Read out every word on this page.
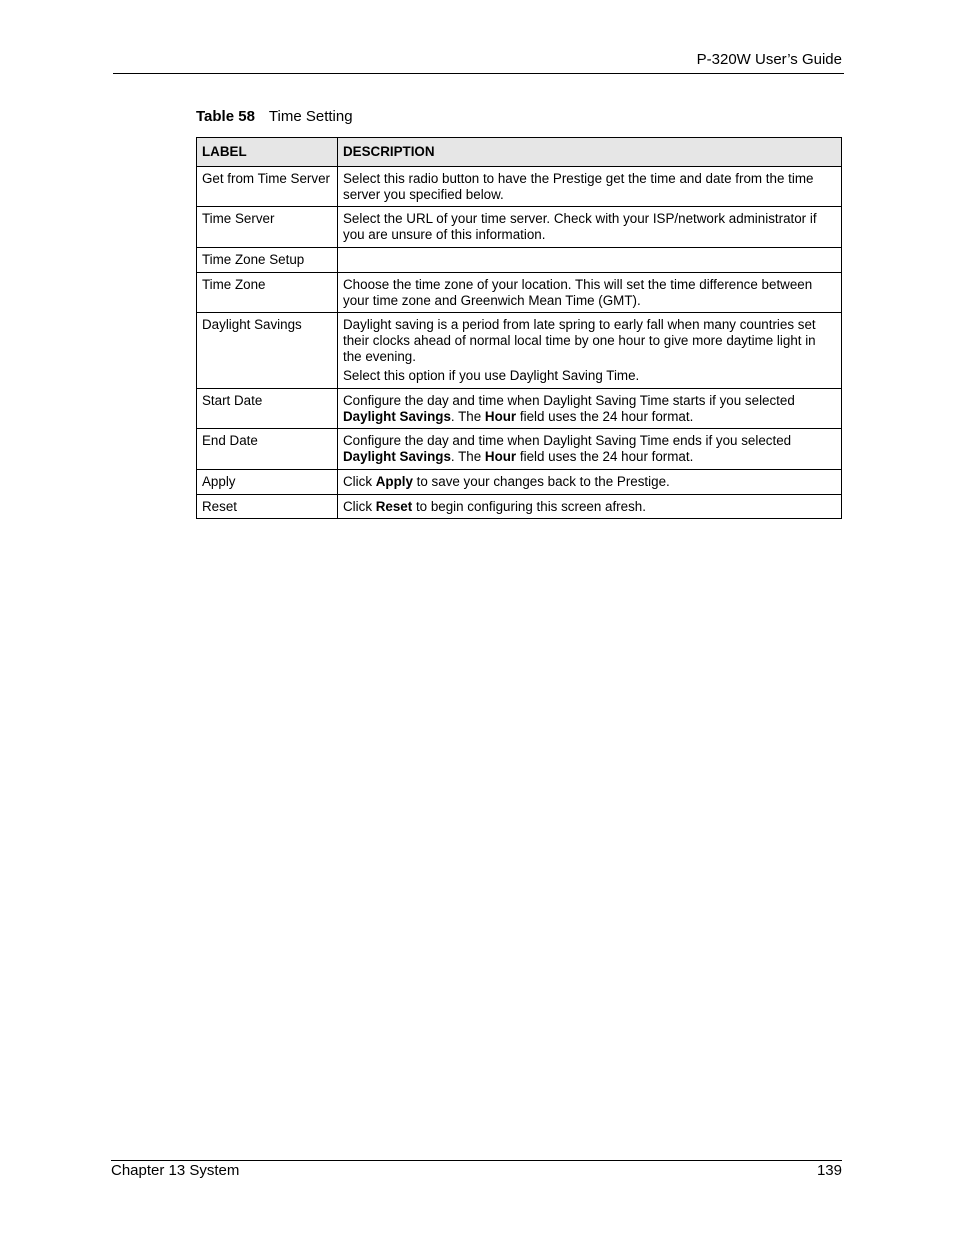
P-320W User’s Guide
Table 58 Time Setting
LABEL	DESCRIPTION
Get from Time Server	Select this radio button to have the Prestige get the time and date from the time server you specified below.

Time Server	Select the URL of your time server. Check with your ISP/network administrator if you are unsure of this information.

Time Zone Setup	
Time Zone	Choose the time zone of your location. This will set the time difference between your time zone and Greenwich Mean Time (GMT).

Daylight Savings	Daylight saving is a period from late spring to early fall when many countries set their clocks ahead of normal local time by one hour to give more daytime light in the evening.

Select this option if you use Daylight Saving Time.

Start Date	Configure the day and time when Daylight Saving Time starts if you selected Daylight Savings. The Hour field uses the 24 hour format.

End Date	Configure the day and time when Daylight Saving Time ends if you selected Daylight Savings. The Hour field uses the 24 hour format.

Apply	Click Apply to save your changes back to the Prestige.

Reset	Click Reset to begin configuring this screen afresh.

Chapter 13 System	139
